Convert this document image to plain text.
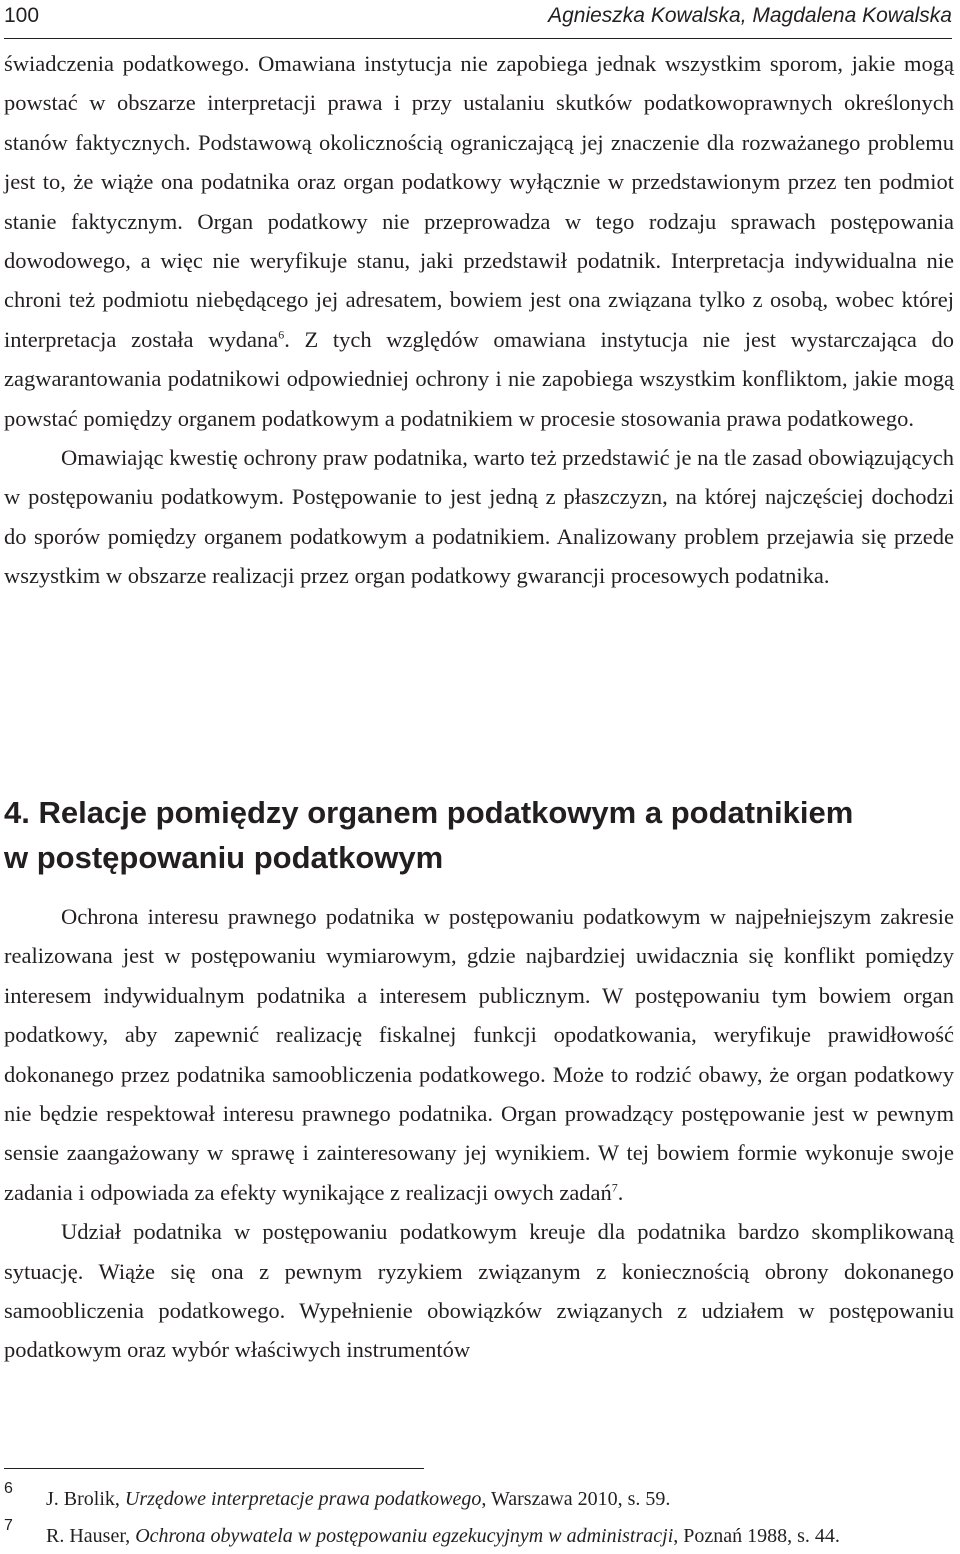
100	Agnieszka Kowalska, Magdalena Kowalska

świadczenia podatkowego. Omawiana instytucja nie zapobiega jednak wszystkim sporom, jakie mogą powstać w obszarze interpretacji prawa i przy ustalaniu skutków podatkowoprawnych określonych stanów faktycznych. Podstawową okolicznością ograniczającą jej znaczenie dla rozważanego problemu jest to, że wiąże ona podatnika oraz organ podatkowy wyłącznie w przedstawionym przez ten podmiot stanie faktycznym. Organ podatkowy nie przeprowadza w tego rodzaju sprawach postępowania dowodowego, a więc nie weryfikuje stanu, jaki przedstawił podatnik. Interpretacja indywidualna nie chroni też podmiotu niebędącego jej adresatem, bowiem jest ona związana tylko z osobą, wobec której interpretacja została wydana$^6$. Z tych względów omawiana instytucja nie jest wystarczająca do zagwarantowania podatnikowi odpowiedniej ochrony i nie zapobiega wszystkim konfliktom, jakie mogą powstać pomiędzy organem podatkowym a podatnikiem w procesie stosowania prawa podatkowego.

Omawiając kwestię ochrony praw podatnika, warto też przedstawić je na tle zasad obowiązujących w postępowaniu podatkowym. Postępowanie to jest jedną z płaszczyzn, na której najczęściej dochodzi do sporów pomiędzy organem podatkowym a podatnikiem. Analizowany problem przejawia się przede wszystkim w obszarze realizacji przez organ podatkowy gwarancji procesowych podatnika.

4. Relacje pomiędzy organem podatkowym a podatnikiem
w postępowaniu podatkowym

Ochrona interesu prawnego podatnika w postępowaniu podatkowym w najpełniejszym zakresie realizowana jest w postępowaniu wymiarowym, gdzie najbardziej uwidacznia się konflikt pomiędzy interesem indywidualnym podatnika a interesem publicznym. W postępowaniu tym bowiem organ podatkowy, aby zapewnić realizację fiskalnej funkcji opodatkowania, weryfikuje prawidłowość dokonanego przez podatnika samoobliczenia podatkowego. Może to rodzić obawy, że organ podatkowy nie będzie respektował interesu prawnego podatnika. Organ prowadzący postępowanie jest w pewnym sensie zaangażowany w sprawę i zainteresowany jej wynikiem. W tej bowiem formie wykonuje swoje zadania i odpowiada za efekty wynikające z realizacji owych zadań$^7$.

Udział podatnika w postępowaniu podatkowym kreuje dla podatnika bardzo skomplikowaną sytuację. Wiąże się ona z pewnym ryzykiem związanym z koniecznością obrony dokonanego samoobliczenia podatkowego. Wypełnienie obowiązków związanych z udziałem w postępowaniu podatkowym oraz wybór właściwych instrumentów

6 J. Brolik, Urzędowe interpretacje prawa podatkowego, Warszawa 2010, s. 59.
7 R. Hauser, Ochrona obywatela w postępowaniu egzekucyjnym w administracji, Poznań 1988, s. 44.
